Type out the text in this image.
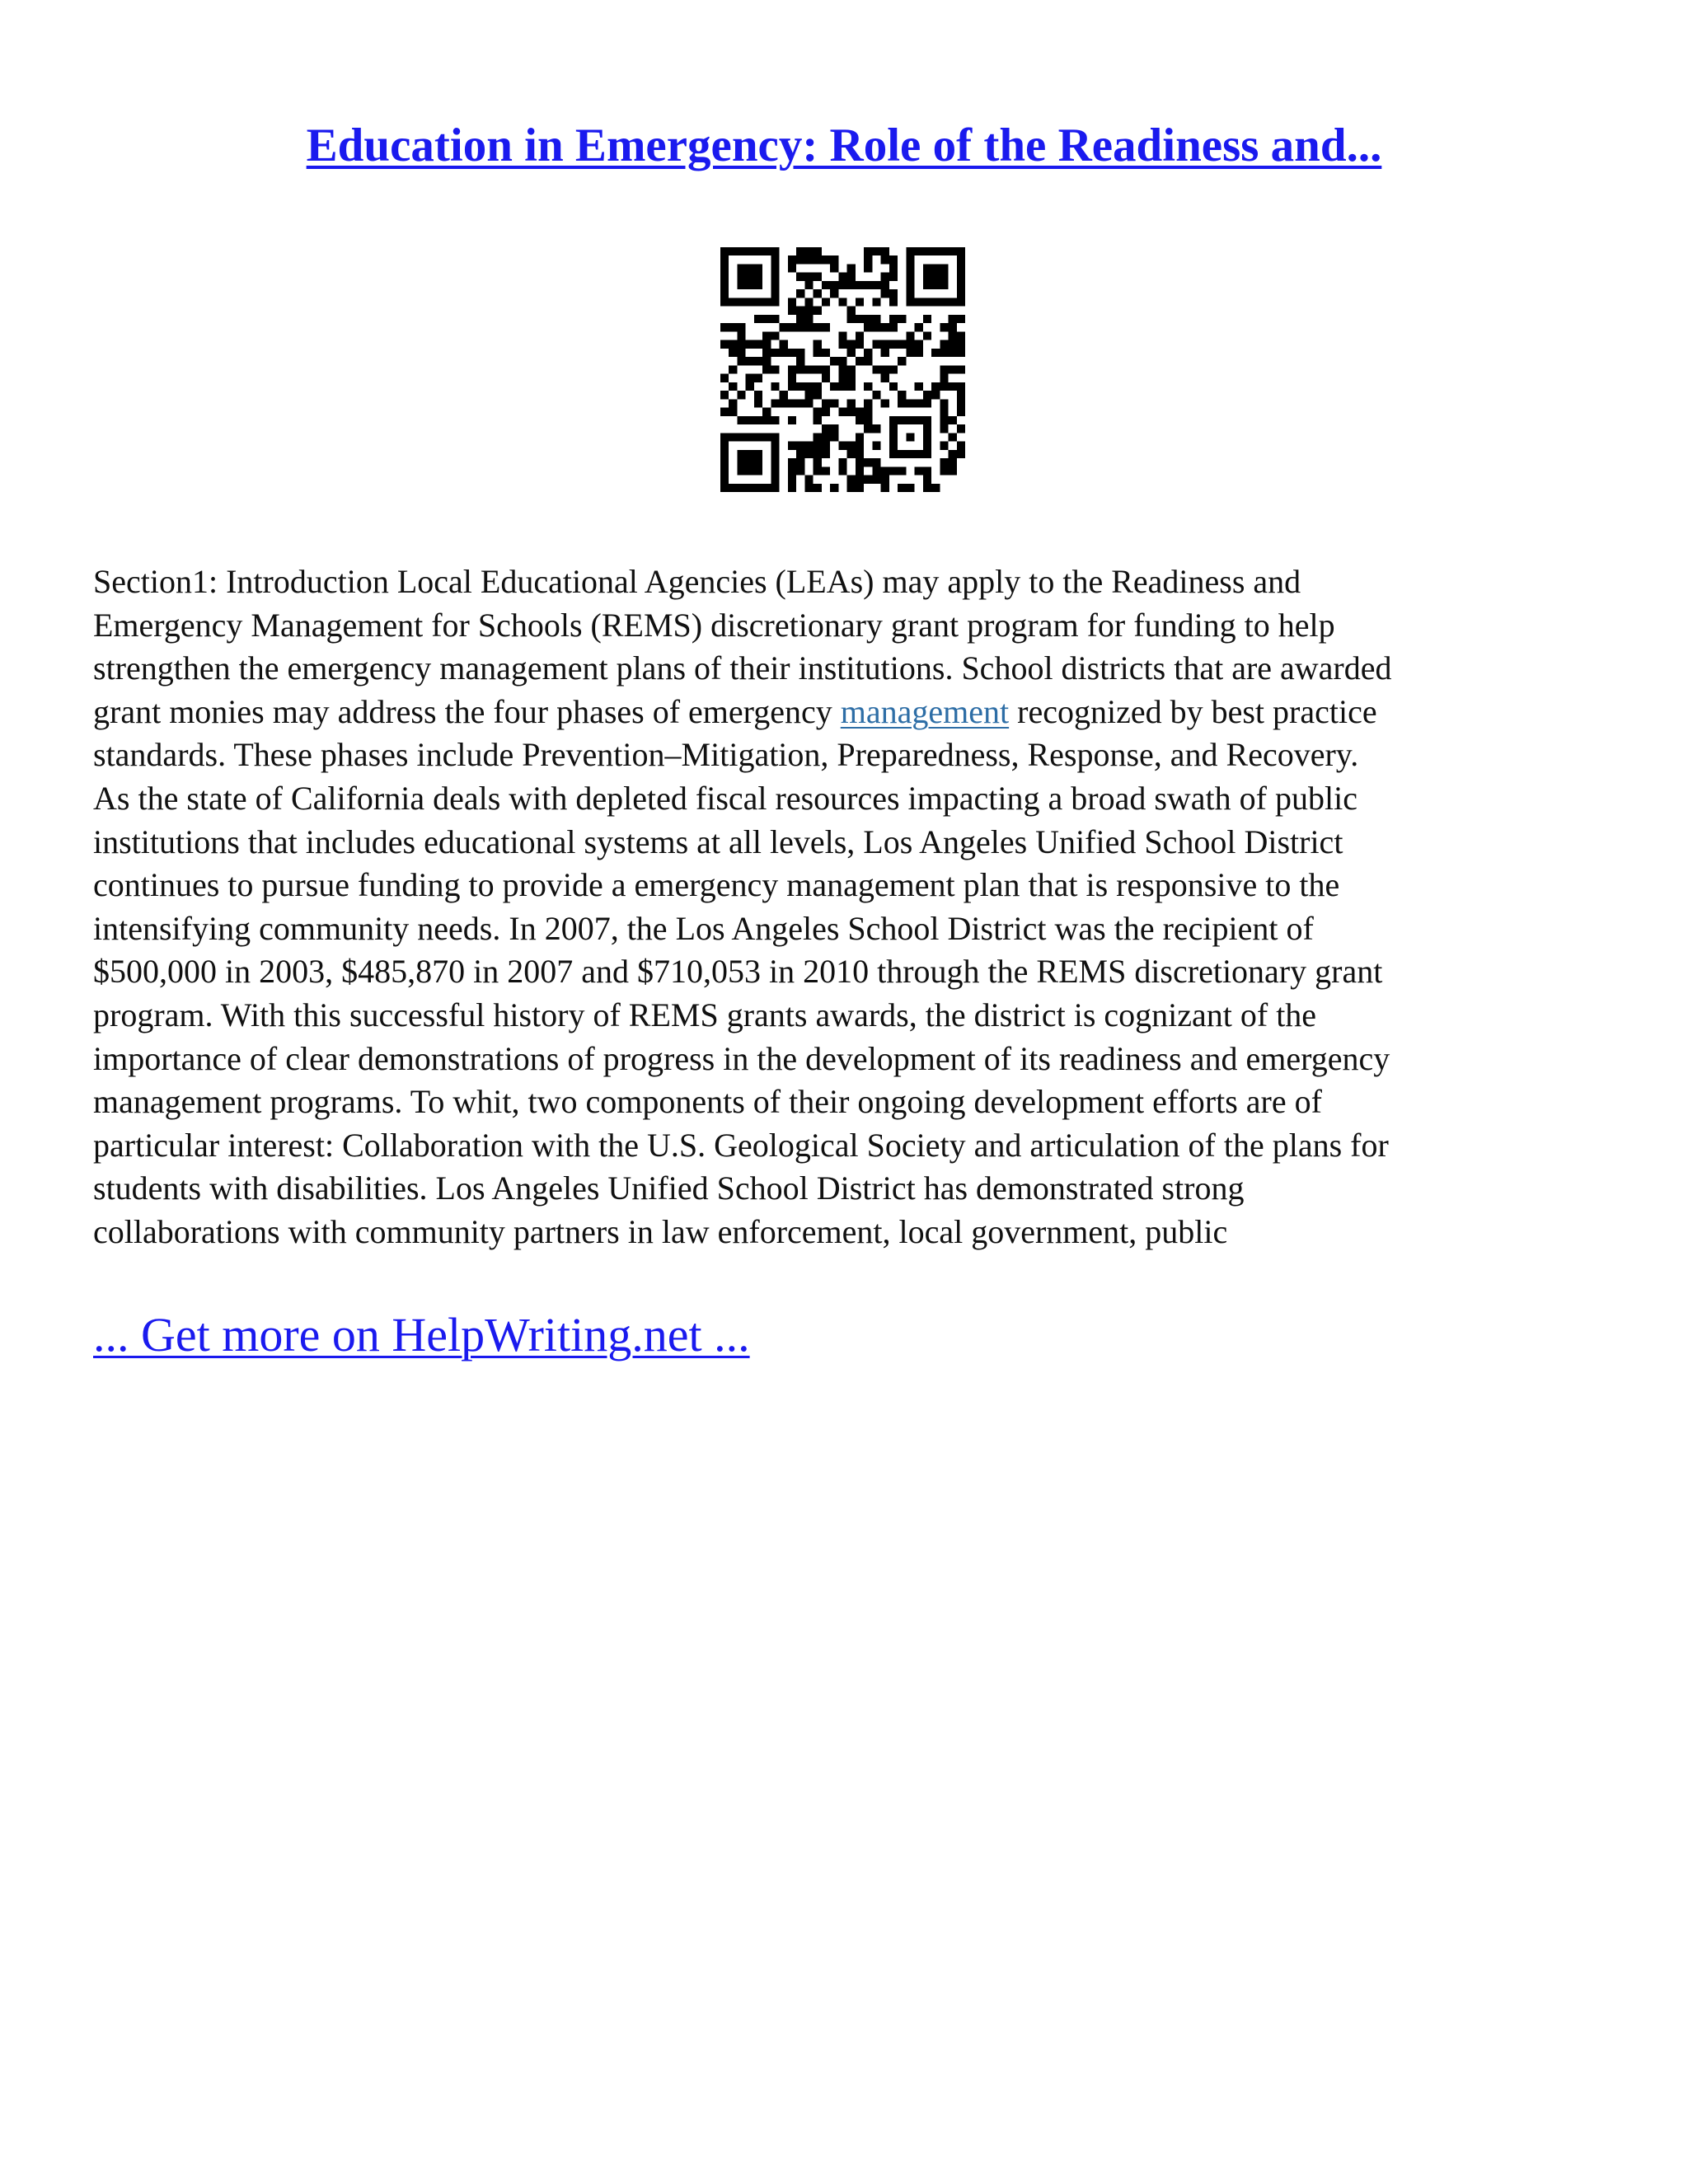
Education in Emergency: Role of the Readiness and...
Section1: Introduction Local Educational Agencies (LEAs) may apply to the Readiness and
Emergency Management for Schools (REMS) discretionary grant program for funding to help
strengthen the emergency management plans of their institutions. School districts that are awarded
grant monies may address the four phases of emergency management recognized by best practice
standards. These phases include Prevention–Mitigation, Preparedness, Response, and Recovery.
As the state of California deals with depleted fiscal resources impacting a broad swath of public
institutions that includes educational systems at all levels, Los Angeles Unified School District
continues to pursue funding to provide a emergency management plan that is responsive to the
intensifying community needs. In 2007, the Los Angeles School District was the recipient of
$500,000 in 2003, $485,870 in 2007 and $710,053 in 2010 through the REMS discretionary grant
program. With this successful history of REMS grants awards, the district is cognizant of the
importance of clear demonstrations of progress in the development of its readiness and emergency
management programs. To whit, two components of their ongoing development efforts are of
particular interest: Collaboration with the U.S. Geological Society and articulation of the plans for
students with disabilities. Los Angeles Unified School District has demonstrated strong
collaborations with community partners in law enforcement, local government, public

... Get more on HelpWriting.net ...
